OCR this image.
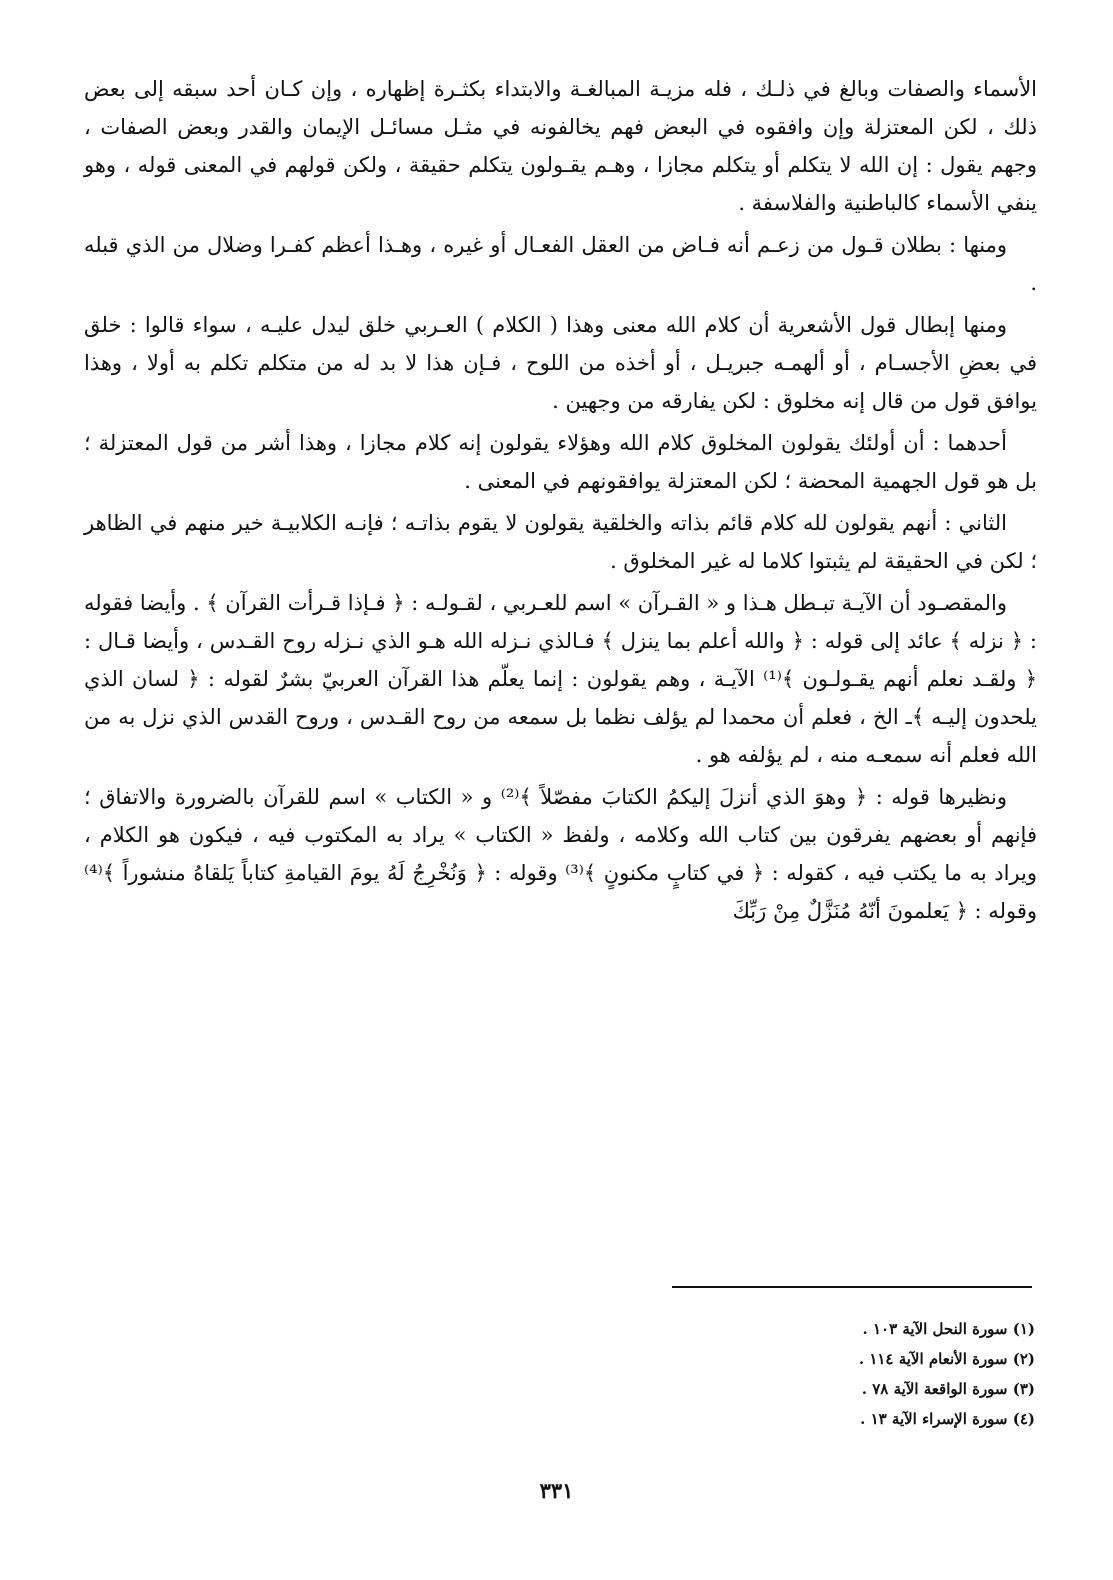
الأسماء والصفات وبالغ في ذلـك ، فله مزيـة المبالغـة والابتداء بكثـرة إظهاره ، وإن كـان أحد سبقه إلى بعض ذلك ، لكن المعتزلة وإن وافقوه في البعض فهم يخالفونه في مثـل مسائـل الإيمان والقدر وبعض الصفات ، وجهم يقول : إن الله لا يتكلم أو يتكلم مجازا ، وهـم يقـولون يتكلم حقيقة ، ولكن قولهم في المعنى قوله ، وهو ينفي الأسماء كالباطنية والفلاسفة .

ومنها : بطلان قـول من زعـم أنه فـاض من العقل الفعـال أو غيره ، وهـذا أعظم كفـرا وضلال من الذي قبله .

ومنها إبطال قول الأشعرية أن كلام الله معنى وهذا ( الكلام ) العـربي خلق ليدل عليـه ، سواء قالوا : خلق في بعضِ الأجسـام ، أو ألهمـه جبريـل ، أو أخذه من اللوح ، فـإن هذا لا بد له من متكلم تكلم به أولا ، وهذا يوافق قول من قال إنه مخلوق : لكن يفارقه من وجهين .

أحدهما : أن أولئك يقولون المخلوق كلام الله وهؤلاء يقولون إنه كلام مجازا ، وهذا أشر من قول المعتزلة ؛ بل هو قول الجهمية المحضة ؛ لكن المعتزلة يوافقونهم في المعنى .

الثاني : أنهم يقولون لله كلام قائم بذاته والخلقية يقولون لا يقوم بذاتـه ؛ فإنـه الكلابيـة خير منهم في الظاهر ؛ لكن في الحقيقة لم يثبتوا كلاما له غير المخلوق .

والمقصـود أن الآيـة تبـطل هـذا و « القـرآن » اسم للعـربي ، لقـولـه : ﴿ فـإذا قـرأت القرآن ﴾ . وأيضا فقوله : ﴿ نزله ﴾ عائد إلى قوله : ﴿ والله أعلم بما ينزل ﴾ فـالذي نـزله الله هـو الذي نـزله روح القـدس ، وأيضا قـال : ﴿ ولقـد نعلم أنهم يقـولـون ﴾⁽¹⁾ الآيـة ، وهم يقولون : إنما يعلّم هذا القرآن العربيّ بشرٌ لقوله : ﴿ لسان الذي يلحدون إليـه ﴾ـ الخ ، فعلم أن محمدا لم يؤلف نظما بل سمعه من روح القـدس ، وروح القدس الذي نزل به من الله فعلم أنه سمعـه منه ، لم يؤلفه هو .

ونظيرها قوله : ﴿ وهوَ الذي أنزلَ إليكمُ الكتابَ مفصّلاً ﴾⁽²⁾ و « الكتاب » اسم للقرآن بالضرورة والاتفاق ؛ فإنهم أو بعضهم يفرقون بين كتاب الله وكلامه ، ولفظ « الكتاب » يراد به المكتوب فيه ، فيكون هو الكلام ، ويراد به ما يكتب فيه ، كقوله : ﴿ في كتابٍ مكنونٍ ﴾⁽³⁾ وقوله : ﴿ وَنُخْرِجُ لَهُ يومَ القيامةِ كتاباً يَلقاهُ منشوراً ﴾⁽⁴⁾ وقوله : ﴿ يَعلمونَ أنّهُ مُنَزَّلٌ مِنْ رَبِّكَ

(١) سورة النحل الآية ١٠٣ .
(٢) سورة الأنعام الآية ١١٤ .
(٣) سورة الواقعة الآية ٧٨ .
(٤) سورة الإسراء الآية ١٣ .
٣٣١
